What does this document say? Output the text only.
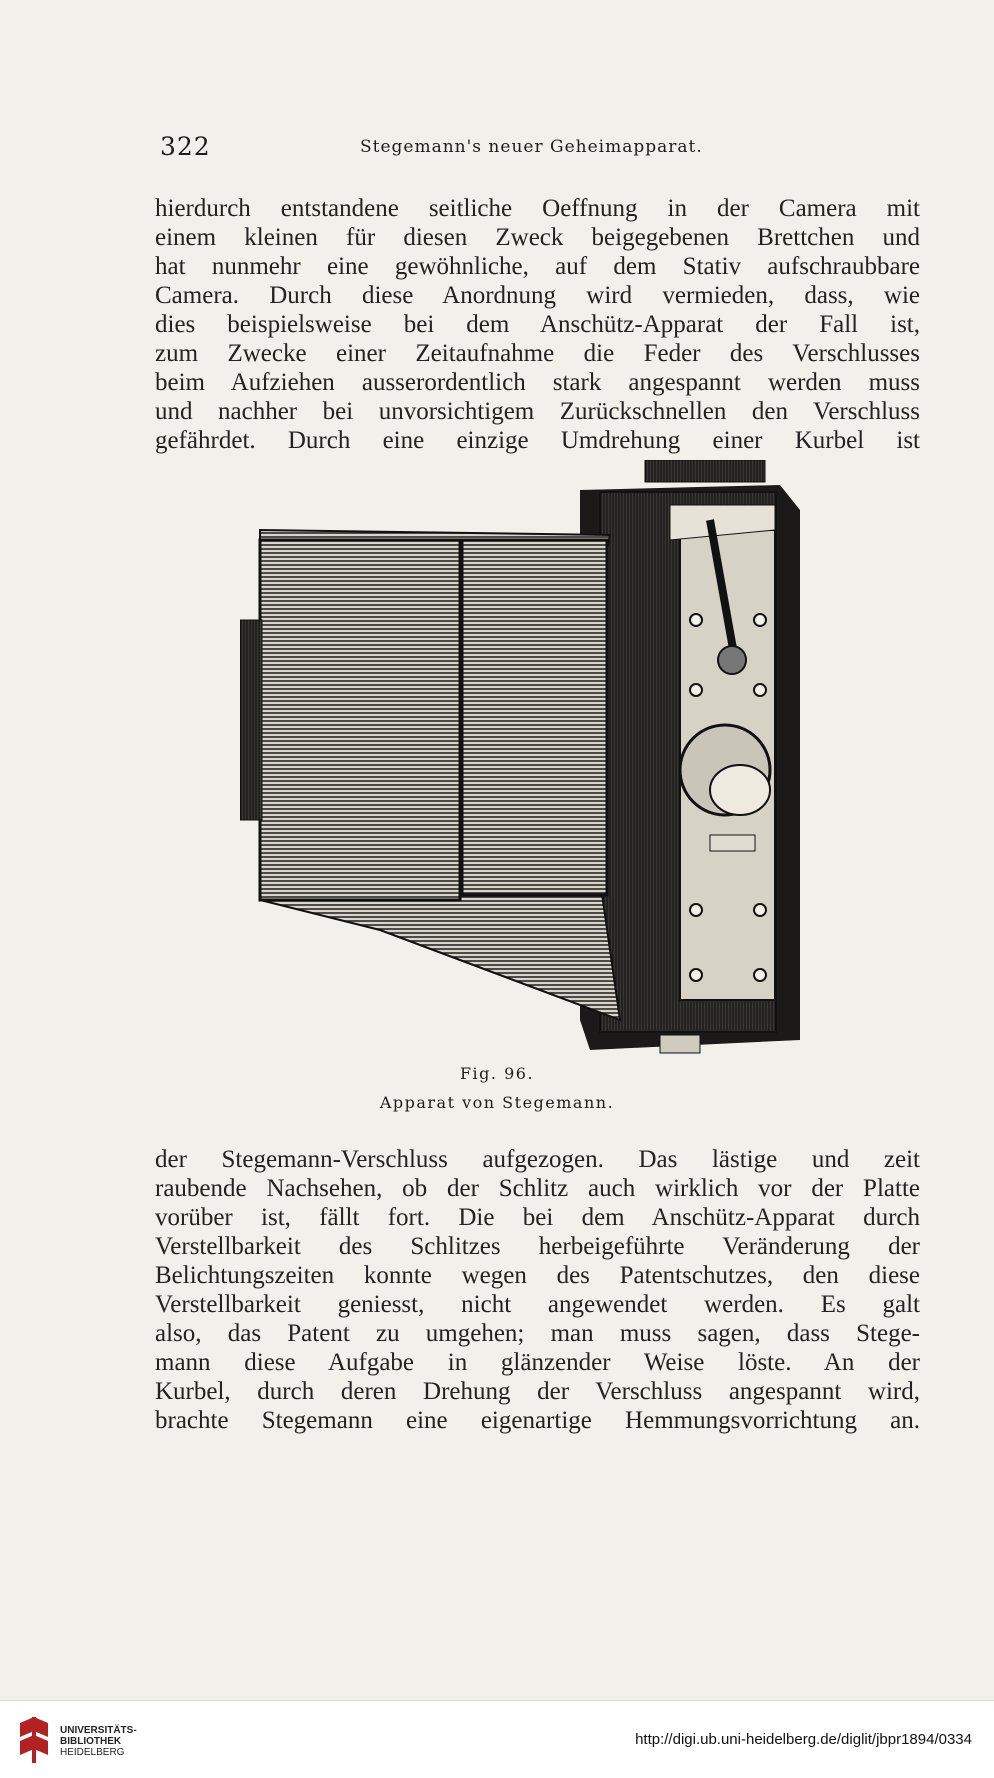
322	Stegemann's neuer Geheimapparat.
hierdurch entstandene seitliche Oeffnung in der Camera mit
einem kleinen für diesen Zweck beigegebenen Brettchen und
hat nunmehr eine gewöhnliche, auf dem Stativ aufschraubbare
Camera. Durch diese Anordnung wird vermieden, dass, wie
dies beispielsweise bei dem Anschütz-Apparat der Fall ist,
zum Zwecke einer Zeitaufnahme die Feder des Verschlusses
beim Aufziehen ausserordentlich stark angespannt werden muss
und nachher bei unvorsichtigem Zurückschnellen den Verschluss
gefährdet. Durch eine einzige Umdrehung einer Kurbel ist
Fig. 96.
Apparat von Stegemann.
der Stegemann-Verschluss aufgezogen. Das lästige und zeit
raubende Nachsehen, ob der Schlitz auch wirklich vor der Platte
vorüber ist, fällt fort. Die bei dem Anschütz-Apparat durch
Verstellbarkeit des Schlitzes herbeigeführte Veränderung der
Belichtungszeiten konnte wegen des Patentschutzes, den diese
Verstellbarkeit geniesst, nicht angewendet werden. Es galt
also, das Patent zu umgehen; man muss sagen, dass Stege-
mann diese Aufgabe in glänzender Weise löste. An der
Kurbel, durch deren Drehung der Verschluss angespannt wird,
brachte Stegemann eine eigenartige Hemmungsvorrichtung an.
UNIVERSITÄTS-
BIBLIOTHEK
HEIDELBERG
http://digi.ub.uni-heidelberg.de/diglit/jbpr1894/0334
